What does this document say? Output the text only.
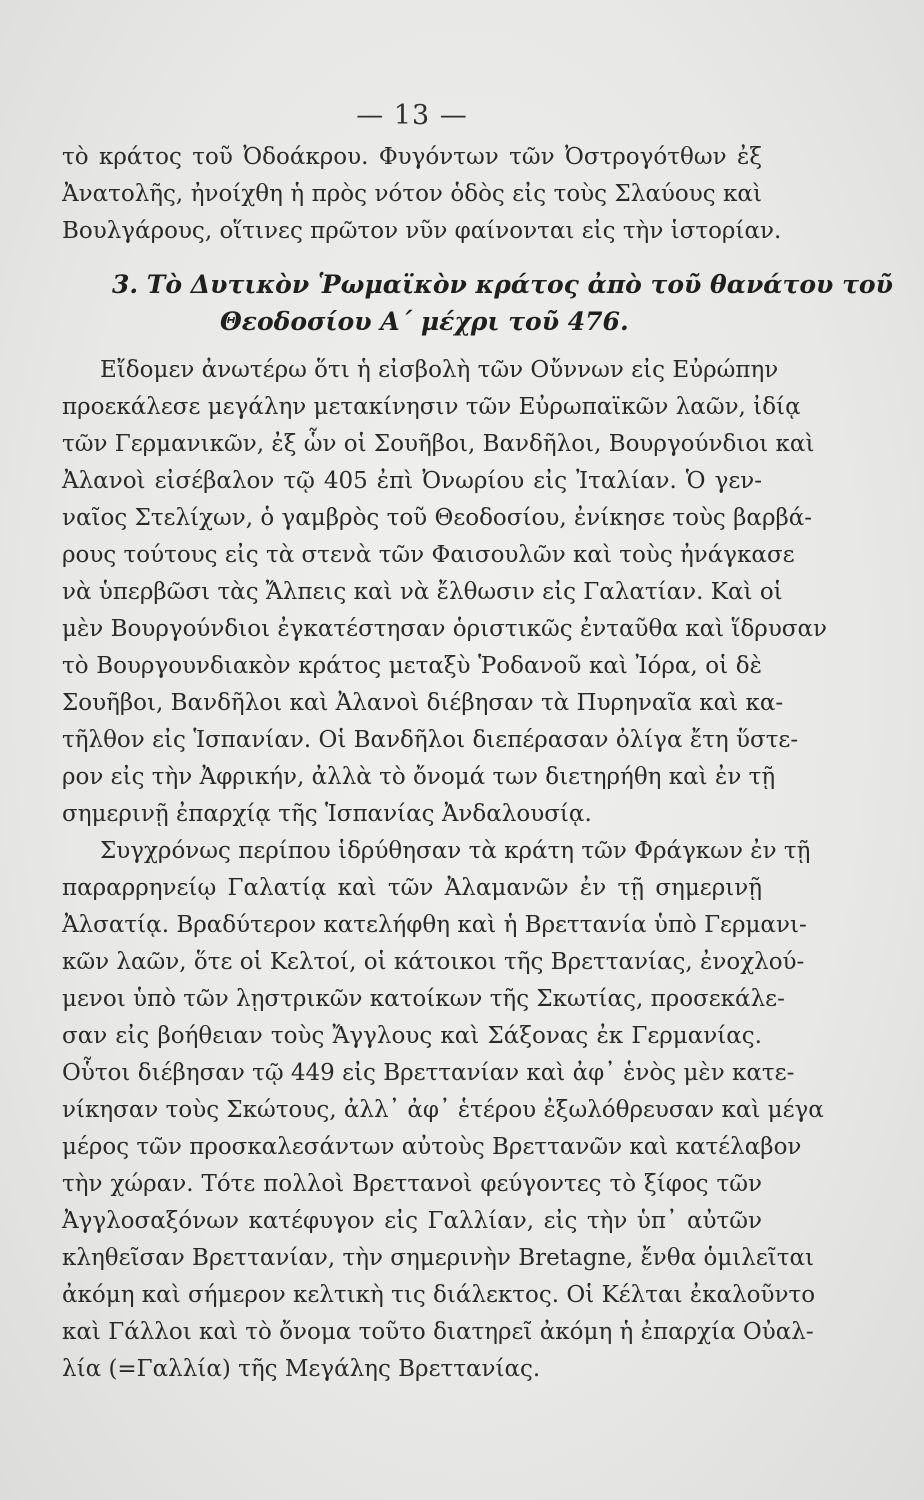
— 13 —
τὸ κράτος τοῦ Ὀδοάκρου. Φυγόντων τῶν Ὀστρογότθων ἐξ
Ἀνατολῆς, ἠνοίχθη ἡ πρὸς νότον ὁδὸς εἰς τοὺς Σλαύους καὶ
Βουλγάρους, οἵτινες πρῶτον νῦν φαίνονται εἰς τὴν ἱστορίαν.
3. Τὸ Δυτικὸν Ῥωμαϊκὸν κράτος ἀπὸ τοῦ θανάτου τοῦ
Θεοδοσίου Α΄ μέχρι τοῦ 476.
Εἴδομεν ἀνωτέρω ὅτι ἡ εἰσβολὴ τῶν Οὔννων εἰς Εὐρώπην
προεκάλεσε μεγάλην μετακίνησιν τῶν Εὐρωπαϊκῶν λαῶν, ἰδίᾳ
τῶν Γερμανικῶν, ἐξ ὧν οἱ Σουῆβοι, Βανδῆλοι, Βουργούνδιοι καὶ
Ἀλανοὶ εἰσέβαλον τῷ 405 ἐπὶ Ὀνωρίου εἰς Ἰταλίαν. Ὁ γεν-
ναῖος Στελίχων, ὁ γαμβρὸς τοῦ Θεοδοσίου, ἐνίκησε τοὺς βαρβά-
ρους τούτους εἰς τὰ στενὰ τῶν Φαισουλῶν καὶ τοὺς ἠνάγκασε
νὰ ὑπερβῶσι τὰς Ἄλπεις καὶ νὰ ἔλθωσιν εἰς Γαλατίαν. Καὶ οἱ
μὲν Βουργούνδιοι ἐγκατέστησαν ὁριστικῶς ἐνταῦθα καὶ ἵδρυσαν
τὸ Βουργουνδιακὸν κράτος μεταξὺ Ῥοδανοῦ καὶ Ἰόρα, οἱ δὲ
Σουῆβοι, Βανδῆλοι καὶ Ἀλανοὶ διέβησαν τὰ Πυρηναῖα καὶ κα-
τῆλθον εἰς Ἱσπανίαν. Οἱ Βανδῆλοι διεπέρασαν ὀλίγα ἔτη ὕστε-
ρον εἰς τὴν Ἀφρικήν, ἀλλὰ τὸ ὄνομά των διετηρήθη καὶ ἐν τῇ
σημερινῇ ἐπαρχίᾳ τῆς Ἱσπανίας Ἀνδαλουσίᾳ.
Συγχρόνως περίπου ἱδρύθησαν τὰ κράτη τῶν Φράγκων ἐν τῇ
παραρρηνείῳ Γαλατίᾳ καὶ τῶν Ἀλαμανῶν ἐν τῇ σημερινῇ
Ἀλσατίᾳ. Βραδύτερον κατελήφθη καὶ ἡ Βρεττανία ὑπὸ Γερμανι-
κῶν λαῶν, ὅτε οἱ Κελτοί, οἱ κάτοικοι τῆς Βρεττανίας, ἐνοχλού-
μενοι ὑπὸ τῶν λῃστρικῶν κατοίκων τῆς Σκωτίας, προσεκάλε-
σαν εἰς βοήθειαν τοὺς Ἄγγλους καὶ Σάξονας ἐκ Γερμανίας.
Οὗτοι διέβησαν τῷ 449 εἰς Βρεττανίαν καὶ ἀφ᾽ ἑνὸς μὲν κατε-
νίκησαν τοὺς Σκώτους, ἀλλ᾽ ἀφ᾽ ἑτέρου ἐξωλόθρευσαν καὶ μέγα
μέρος τῶν προσκαλεσάντων αὐτοὺς Βρεττανῶν καὶ κατέλαβον
τὴν χώραν. Τότε πολλοὶ Βρεττανοὶ φεύγοντες τὸ ξίφος τῶν
Ἀγγλοσαξόνων κατέφυγον εἰς Γαλλίαν, εἰς τὴν ὑπ᾽ αὐτῶν
κληθεῖσαν Βρεττανίαν, τὴν σημερινὴν Bretagne, ἔνθα ὁμιλεῖται
ἀκόμη καὶ σήμερον κελτικὴ τις διάλεκτος. Οἱ Κέλται ἐκαλοῦντο
καὶ Γάλλοι καὶ τὸ ὄνομα τοῦτο διατηρεῖ ἀκόμη ἡ ἐπαρχία Οὐαλ-
λία (=Γαλλία) τῆς Μεγάλης Βρεττανίας.
